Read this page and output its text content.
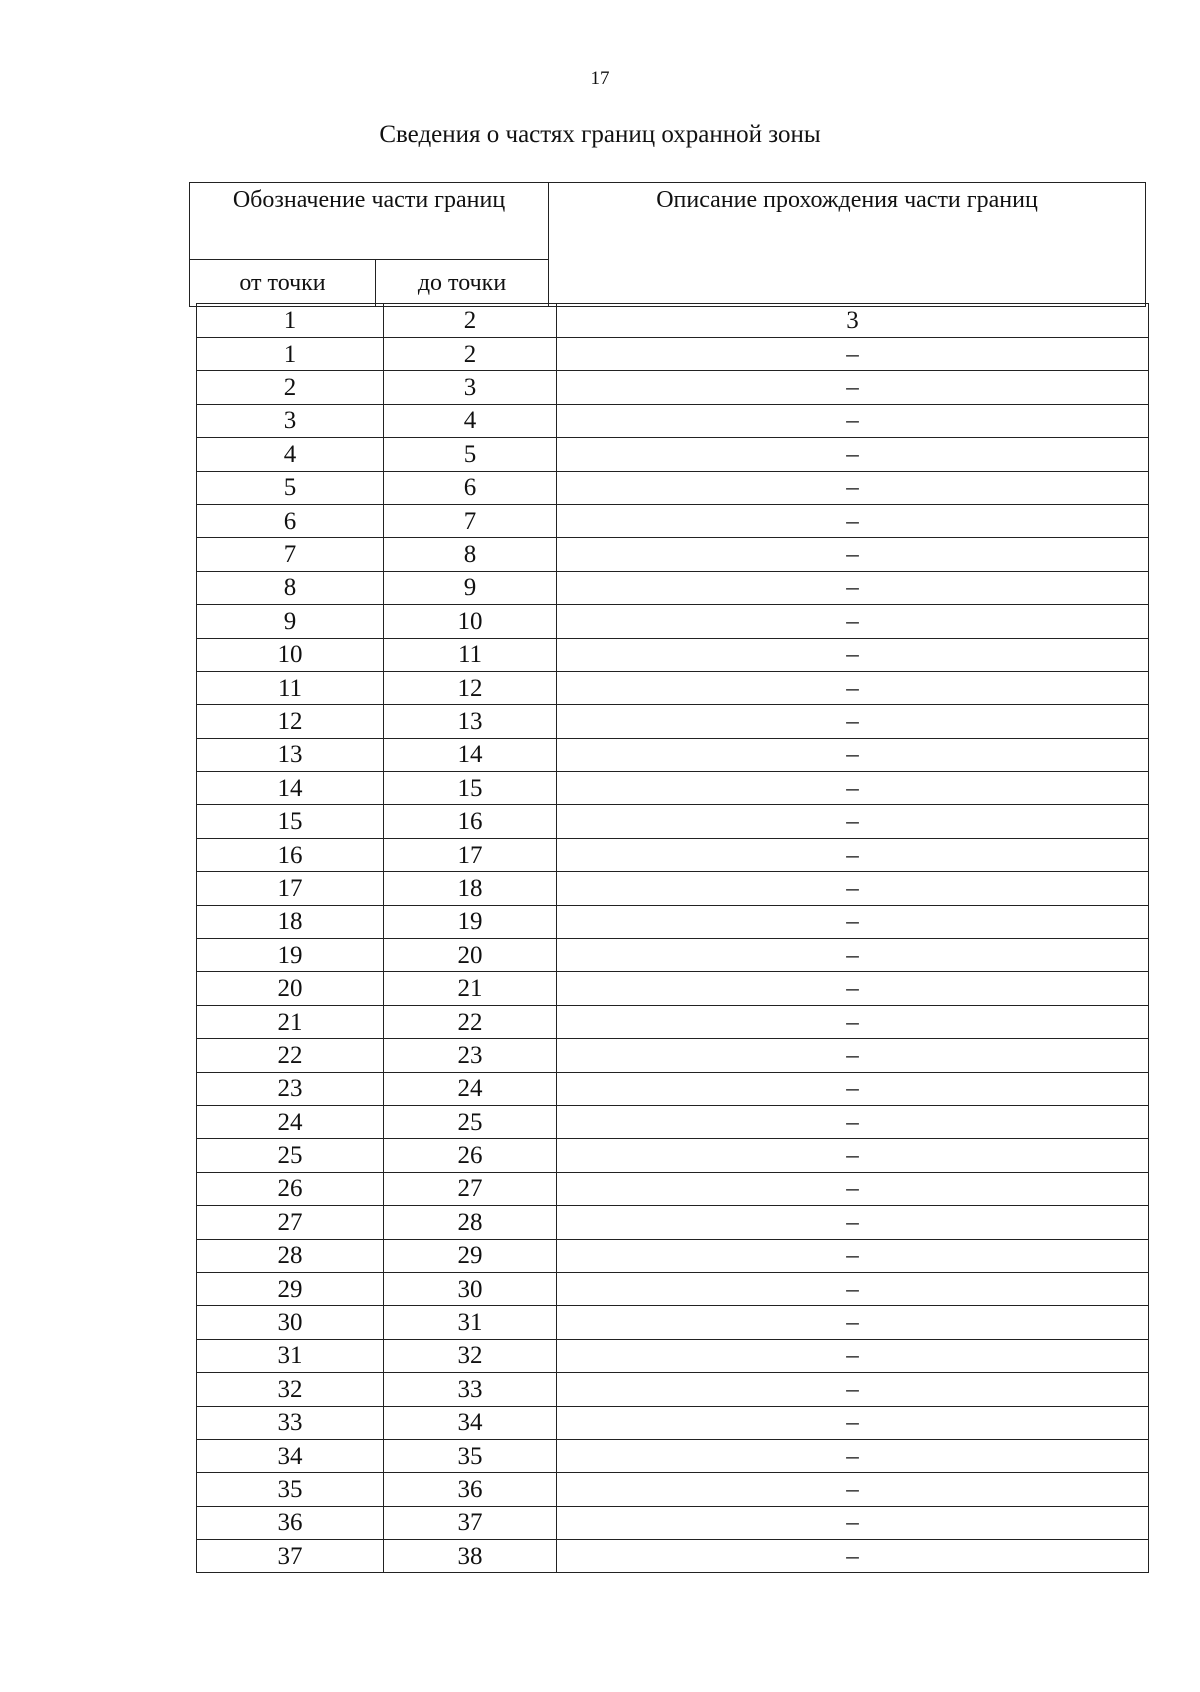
17
Сведения о частях границ охранной зоны
Обозначение части границ		Описание прохождения части границ
от точки	до точки	
1	2	3
1	2	–
2	3	–
3	4	–
4	5	–
5	6	–
6	7	–
7	8	–
8	9	–
9	10	–
10	11	–
11	12	–
12	13	–
13	14	–
14	15	–
15	16	–
16	17	–
17	18	–
18	19	–
19	20	–
20	21	–
21	22	–
22	23	–
23	24	–
24	25	–
25	26	–
26	27	–
27	28	–
28	29	–
29	30	–
30	31	–
31	32	–
32	33	–
33	34	–
34	35	–
35	36	–
36	37	–
37	38	–
